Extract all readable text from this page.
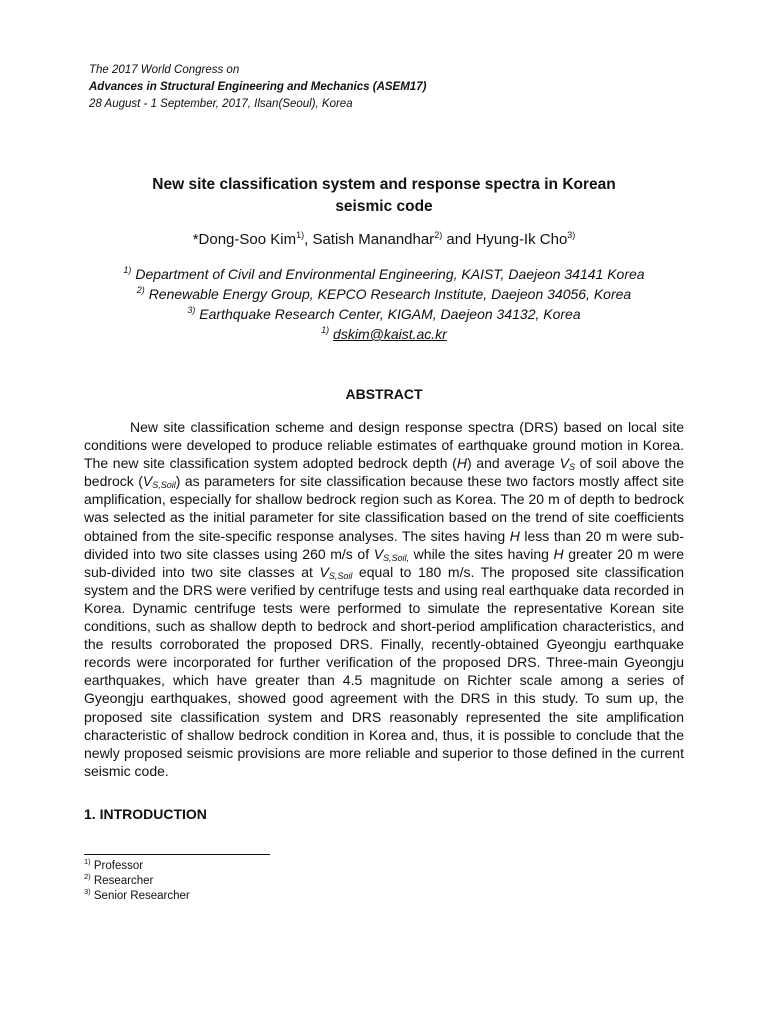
The 2017 World Congress on
Advances in Structural Engineering and Mechanics (ASEM17)
28 August - 1 September, 2017, Ilsan(Seoul), Korea
New site classification system and response spectra in Korean
seismic code
*Dong-Soo Kim$^{1)}$, Satish Manandhar$^{2)}$ and Hyung-Ik Cho$^{3)}$
$^{1)}$ Department of Civil and Environmental Engineering, KAIST, Daejeon 34141 Korea
$^{2)}$ Renewable Energy Group, KEPCO Research Institute, Daejeon 34056, Korea
$^{3)}$ Earthquake Research Center, KIGAM, Daejeon 34132, Korea
$^{1)}$ dskim@kaist.ac.kr
ABSTRACT

New site classification scheme and design response spectra (DRS) based on local site conditions were developed to produce reliable estimates of earthquake ground motion in Korea. The new site classification system adopted bedrock depth (H) and average $V_S$ of soil above the bedrock $(V_{S,Soil})$ as parameters for site classification because these two factors mostly affect site amplification, especially for shallow bedrock region such as Korea. The 20 m of depth to bedrock was selected as the initial parameter for site classification based on the trend of site coefficients obtained from the site-specific response analyses. The sites having H less than 20 m were sub-divided into two site classes using 260 m/s of $V_{S,Soil,}$ while the sites having H greater 20 m were sub-divided into two site classes at $V_{S,Soil}$ equal to 180 m/s. The proposed site classification system and the DRS were verified by centrifuge tests and using real earthquake data recorded in Korea. Dynamic centrifuge tests were performed to simulate the representative Korean site conditions, such as shallow depth to bedrock and short-period amplification characteristics, and the results corroborated the proposed DRS. Finally, recently-obtained Gyeongju earthquake records were incorporated for further verification of the proposed DRS. Three-main Gyeongju earthquakes, which have greater than 4.5 magnitude on Richter scale among a series of Gyeongju earthquakes, showed good agreement with the DRS in this study. To sum up, the proposed site classification system and DRS reasonably represented the site amplification characteristic of shallow bedrock condition in Korea and, thus, it is possible to conclude that the newly proposed seismic provisions are more reliable and superior to those defined in the current seismic code.

1. INTRODUCTION
$^{1)}$ Professor
$^{2)}$ Researcher
$^{3)}$ Senior Researcher
